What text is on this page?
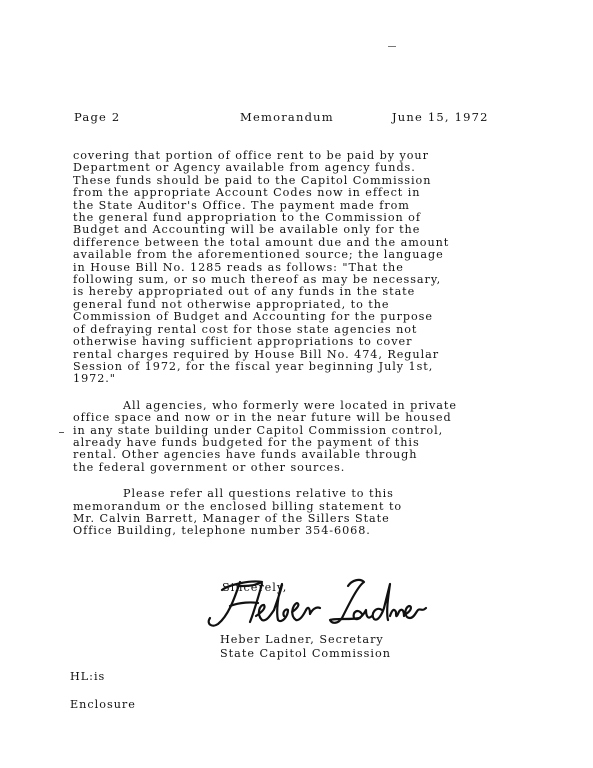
Page 2	Memorandum	June 15, 1972
covering that portion of office rent to be paid by your
Department or Agency available from agency funds.
These funds should be paid to the Capitol Commission
from the appropriate Account Codes now in effect in
the State Auditor's Office. The payment made from
the general fund appropriation to the Commission of
Budget and Accounting will be available only for the
difference between the total amount due and the amount
available from the aforementioned source; the language
in House Bill No. 1285 reads as follows: "That the
following sum, or so much thereof as may be necessary,
is hereby appropriated out of any funds in the state
general fund not otherwise appropriated, to the
Commission of Budget and Accounting for the purpose
of defraying rental cost for those state agencies not
otherwise having sufficient appropriations to cover
rental charges required by House Bill No. 474, Regular
Session of 1972, for the fiscal year beginning July 1st,
1972."
All agencies, who formerly were located in private
office space and now or in the near future will be housed
in any state building under Capitol Commission control,
already have funds budgeted for the payment of this
rental. Other agencies have funds available through
the federal government or other sources.
Please refer all questions relative to this
memorandum or the enclosed billing statement to
Mr. Calvin Barrett, Manager of the Sillers State
Office Building, telephone number 354-6068.
Sincerely,
Heber Ladner, Secretary
State Capitol Commission
HL:is
Enclosure
